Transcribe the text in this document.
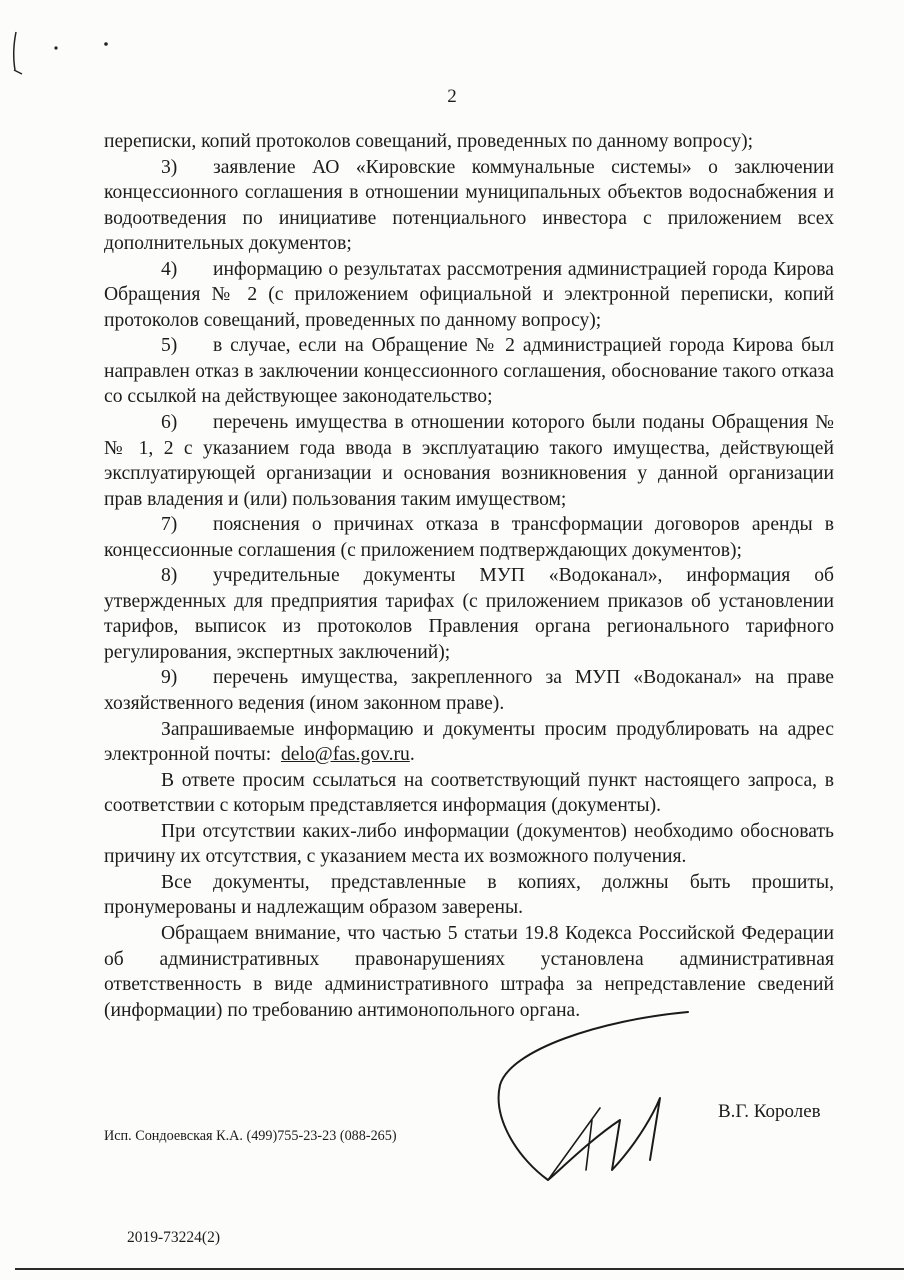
2

переписки, копий протоколов совещаний, проведенных по данному вопросу);

3) заявление АО «Кировские коммунальные системы» о заключении концессионного соглашения в отношении муниципальных объектов водоснабжения и водоотведения по инициативе потенциального инвестора с приложением всех дополнительных документов;

4) информацию о результатах рассмотрения администрацией города Кирова Обращения № 2 (с приложением официальной и электронной переписки, копий протоколов совещаний, проведенных по данному вопросу);

5) в случае, если на Обращение № 2 администрацией города Кирова был направлен отказ в заключении концессионного соглашения, обоснование такого отказа со ссылкой на действующее законодательство;

6) перечень имущества в отношении которого были поданы Обращения №№ 1, 2 с указанием года ввода в эксплуатацию такого имущества, действующей эксплуатирующей организации и основания возникновения у данной организации прав владения и (или) пользования таким имуществом;

7) пояснения о причинах отказа в трансформации договоров аренды в концессионные соглашения (с приложением подтверждающих документов);

8) учредительные документы МУП «Водоканал», информация об утвержденных для предприятия тарифах (с приложением приказов об установлении тарифов, выписок из протоколов Правления органа регионального тарифного регулирования, экспертных заключений);

9) перечень имущества, закрепленного за МУП «Водоканал» на праве хозяйственного ведения (ином законном праве).

Запрашиваемые информацию и документы просим продублировать на адрес электронной почты: delo@fas.gov.ru.

В ответе просим ссылаться на соответствующий пункт настоящего запроса, в соответствии с которым представляется информация (документы).

При отсутствии каких-либо информации (документов) необходимо обосновать причину их отсутствия, с указанием места их возможного получения.

Все документы, представленные в копиях, должны быть прошиты, пронумерованы и надлежащим образом заверены.

Обращаем внимание, что частью 5 статьи 19.8 Кодекса Российской Федерации об административных правонарушениях установлена административная ответственность в виде административного штрафа за непредставление сведений (информации) по требованию антимонопольного органа.

В.Г. Королев
Исп. Сондоевская К.А. (499)755-23-23 (088-265)
2019-73224(2)
